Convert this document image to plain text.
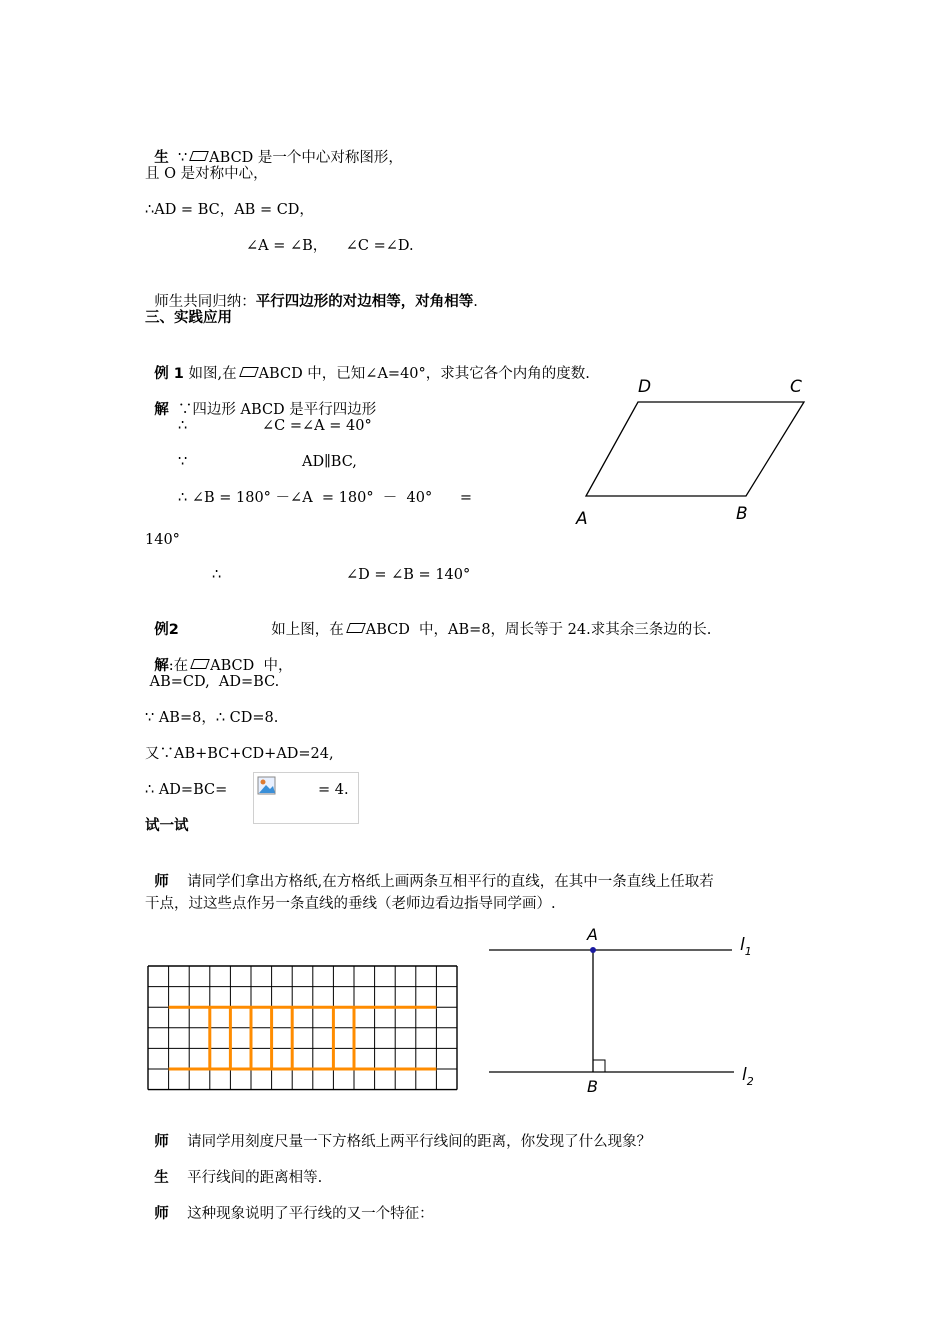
生 ∵ ABCD 是一个中心对称图形，

且 O 是对称中心，
∴AD = BC，AB = CD，
∠A = ∠B，    ∠C =∠D.

师生共同归纳：平行四边形的对边相等，对角相等.

三、实践应用

例 1 如图,在 ABCD 中，已知∠A=40°，求其它各个内角的度数.

解  ∵四边形 ABCD 是平行四边形

∴	∠C =∠A = 40°
∵	AD∥BC,
∴ ∠B = 180° －∠A  = 180°  －  40°      =
140°
∴	∠D = ∠B = 140°
D	C
A	B

例2	如上图，在 ABCD  中，AB=8，周长等于 24.求其余三条边的长.

解:在 ABCD  中，

AB=CD,  AD=BC.
∵ AB=8，∴ CD=8.
又∵AB+BC+CD+AD=24,
∴ AD=BC=	= 4.
试一试

师 请同学们拿出方格纸,在方格纸上画两条互相平行的直线，在其中一条直线上任取若

干点，过这些点作另一条直线的垂线（老师边看边指导同学画）.
A
B
$l_1$
$l_2$

师 请同学用刻度尺量一下方格纸上两平行线间的距离，你发现了什么现象？

生 平行线间的距离相等.

师 这种现象说明了平行线的又一个特征：
